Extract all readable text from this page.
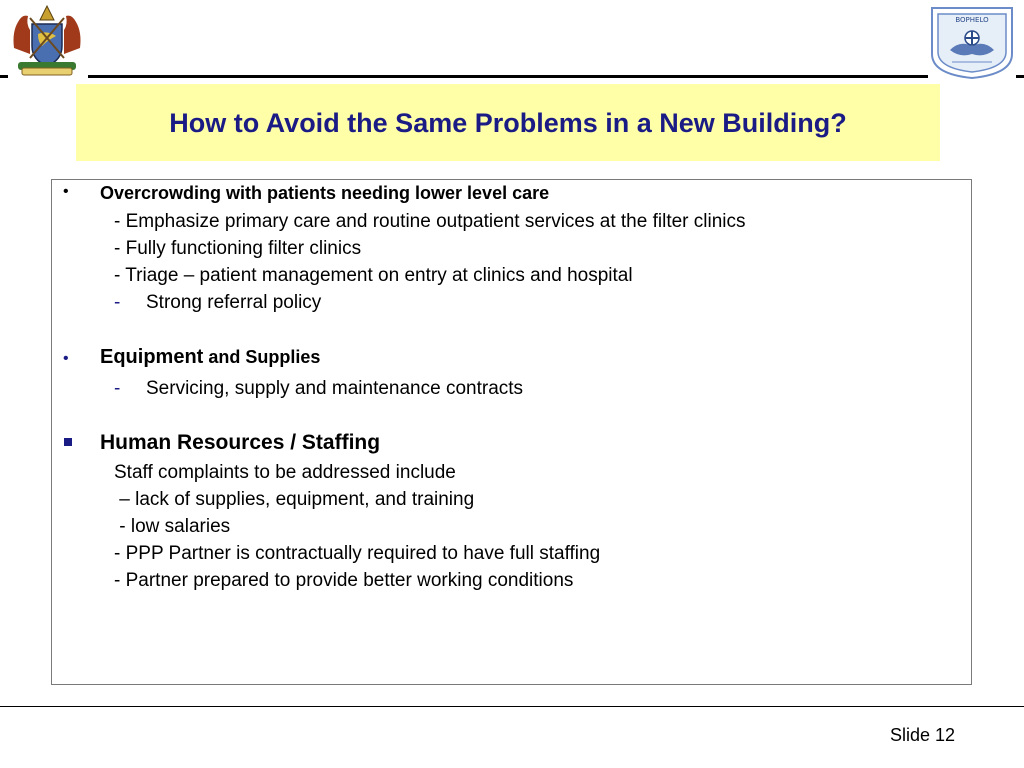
BOPHELO
How to Avoid the Same Problems in a New Building?
• Overcrowding with patients needing lower level care
- Emphasize primary care and routine outpatient services at the filter clinics
- Fully functioning filter clinics
- Triage – patient management on entry at clinics and hospital
- Strong referral policy
• Equipment and Supplies
- Servicing, supply and maintenance contracts
Human Resources / Staffing
Staff complaints to be addressed include
– lack of supplies, equipment, and training
- low salaries
- PPP Partner is contractually required to have full staffing
- Partner prepared to provide better working conditions
Slide 12
